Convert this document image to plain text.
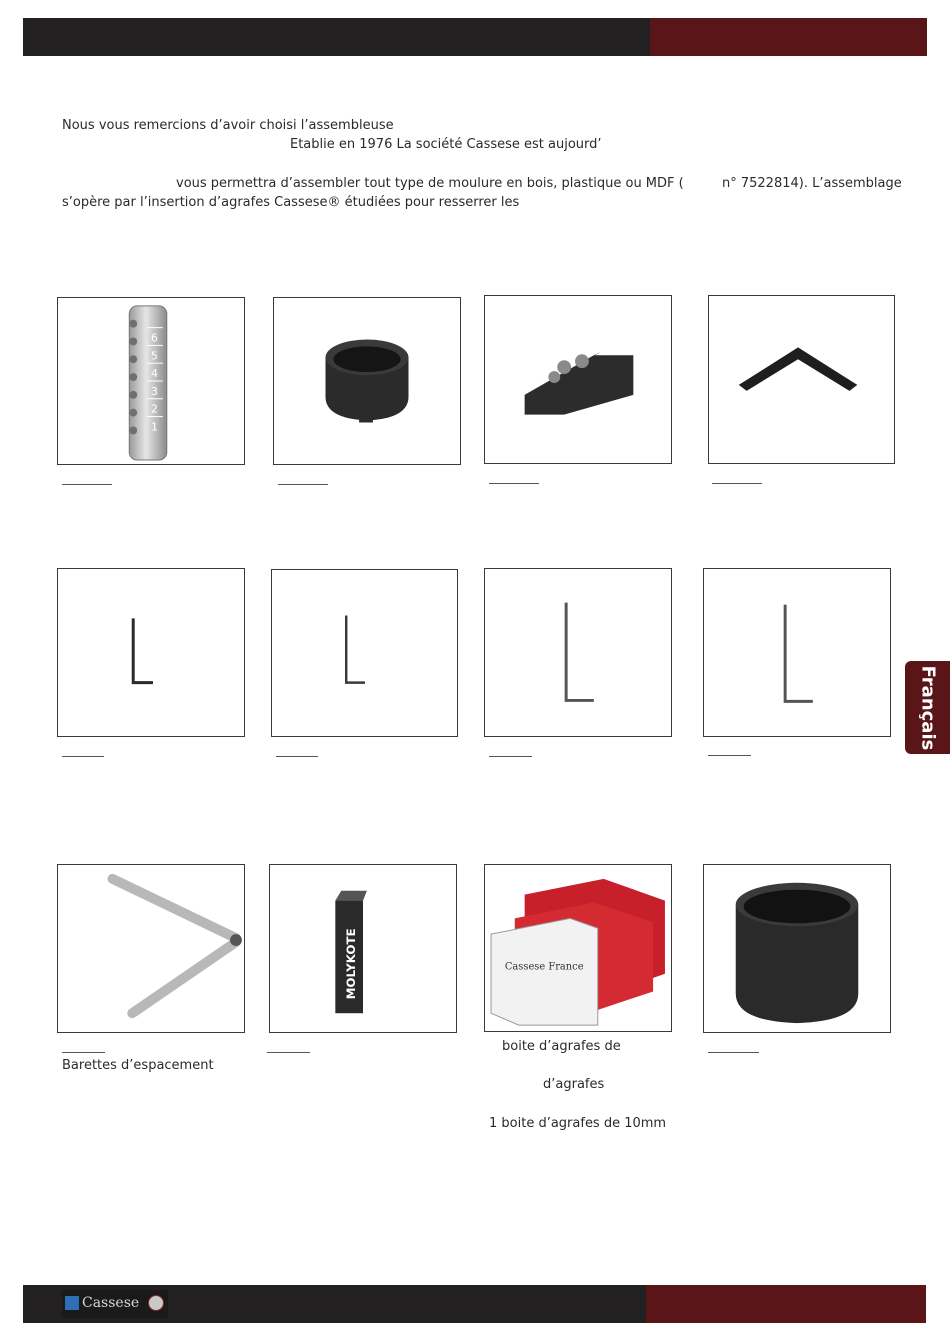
Nous vous remercions d’avoir choisi l’assembleuse
Etablie en 1976 La société Cassese est aujourd’
vous permettra d’assembler tout type de moulure en bois, plastique ou MDF (	n° 7522814). L’assemblage
s’opère par l’insertion d’agrafes Cassese® étudiées pour resserrer les
6
5
4
3
2
1
Barettes d’espacement
MOLYKOTE	Cassese France
boite d’agrafes de
d’agrafes
1 boite d’agrafes de 10mm
Français
Cassese
